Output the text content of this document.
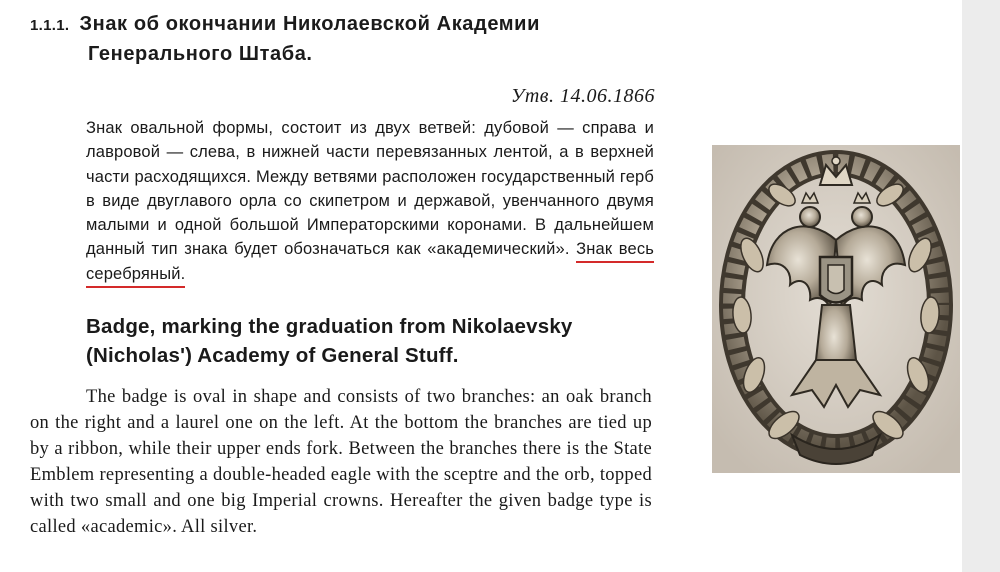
1.1.1. Знак об окончании Николаевской Академии
Генерального Штаба.
Утв. 14.06.1866
Знак овальной формы, состоит из двух ветвей: дубовой — справа и лавровой — слева, в нижней части перевязанных лентой, а в верхней части расходящихся. Между ветвями расположен государственный герб в виде двуглавого орла со скипетром и державой, увенчанного двумя малыми и одной большой Императорскими коронами. В дальнейшем данный тип знака будет обозначаться как «академический». Знак весь серебряный.
Badge, marking the graduation from Nikolaevsky (Nicholas') Academy of General Stuff.
The badge is oval in shape and consists of two branches: an oak branch on the right and a laurel one on the left. At the bottom the branches are tied up by a ribbon, while their upper ends fork. Between the branches there is the State Emblem representing a double-headed eagle with the sceptre and the orb, topped with two small and one big Imperial crowns. Hereafter the given badge type is called «academic». All silver.
